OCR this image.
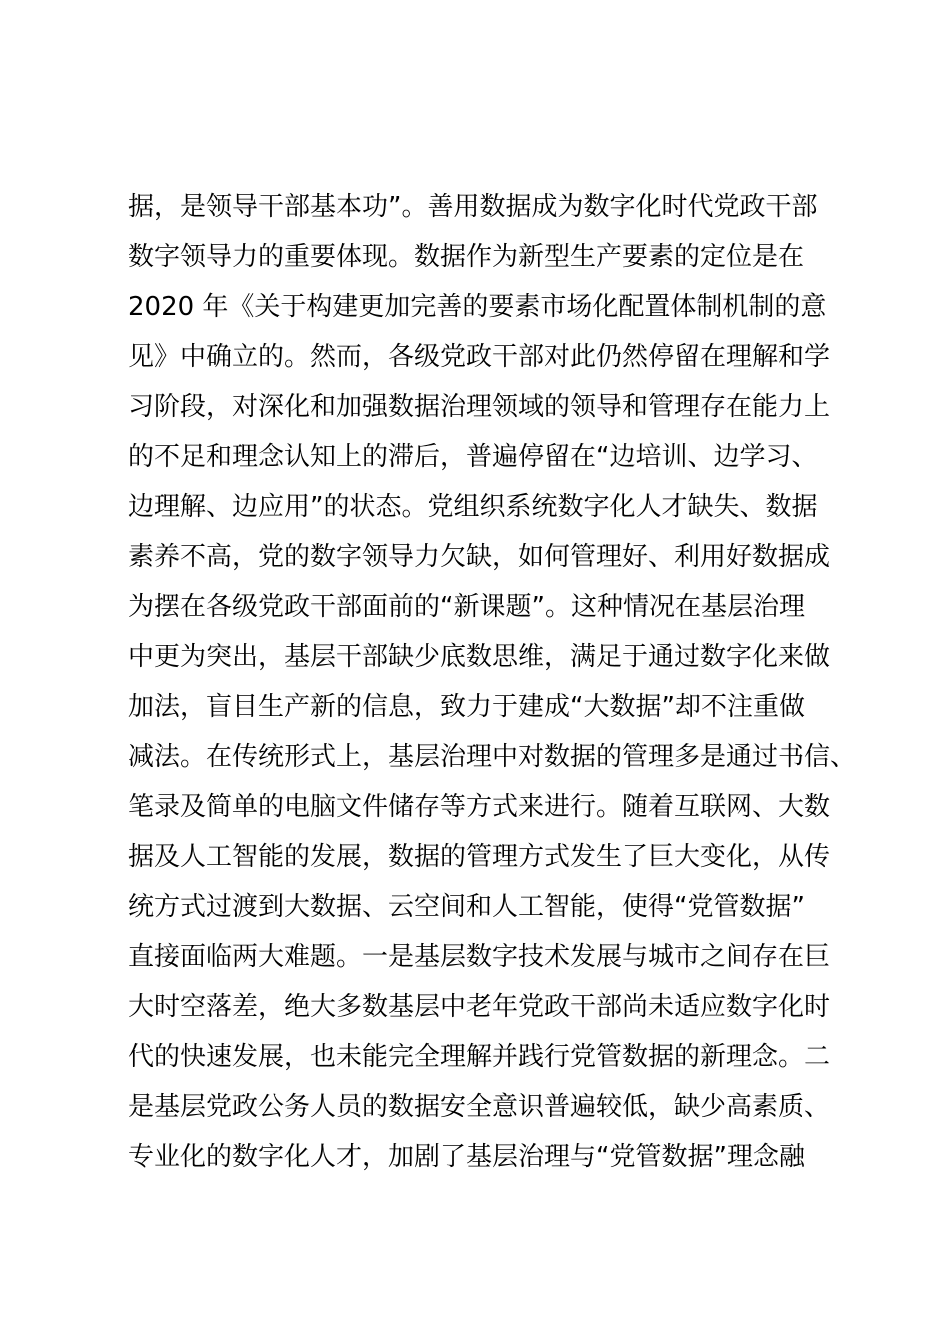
据，是领导干部基本功”。善用数据成为数字化时代党政干部
数字领导力的重要体现。数据作为新型生产要素的定位是在
2020 年《关于构建更加完善的要素市场化配置体制机制的意
见》中确立的。然而，各级党政干部对此仍然停留在理解和学
习阶段，对深化和加强数据治理领域的领导和管理存在能力上
的不足和理念认知上的滞后，普遍停留在“边培训、边学习、
边理解、边应用”的状态。党组织系统数字化人才缺失、数据
素养不高，党的数字领导力欠缺，如何管理好、利用好数据成
为摆在各级党政干部面前的“新课题”。这种情况在基层治理
中更为突出，基层干部缺少底数思维，满足于通过数字化来做
加法，盲目生产新的信息，致力于建成“大数据”却不注重做
减法。在传统形式上，基层治理中对数据的管理多是通过书信、
笔录及简单的电脑文件储存等方式来进行。随着互联网、大数
据及人工智能的发展，数据的管理方式发生了巨大变化，从传
统方式过渡到大数据、云空间和人工智能，使得“党管数据”
直接面临两大难题。一是基层数字技术发展与城市之间存在巨
大时空落差，绝大多数基层中老年党政干部尚未适应数字化时
代的快速发展，也未能完全理解并践行党管数据的新理念。二
是基层党政公务人员的数据安全意识普遍较低，缺少高素质、
专业化的数字化人才，加剧了基层治理与“党管数据”理念融
